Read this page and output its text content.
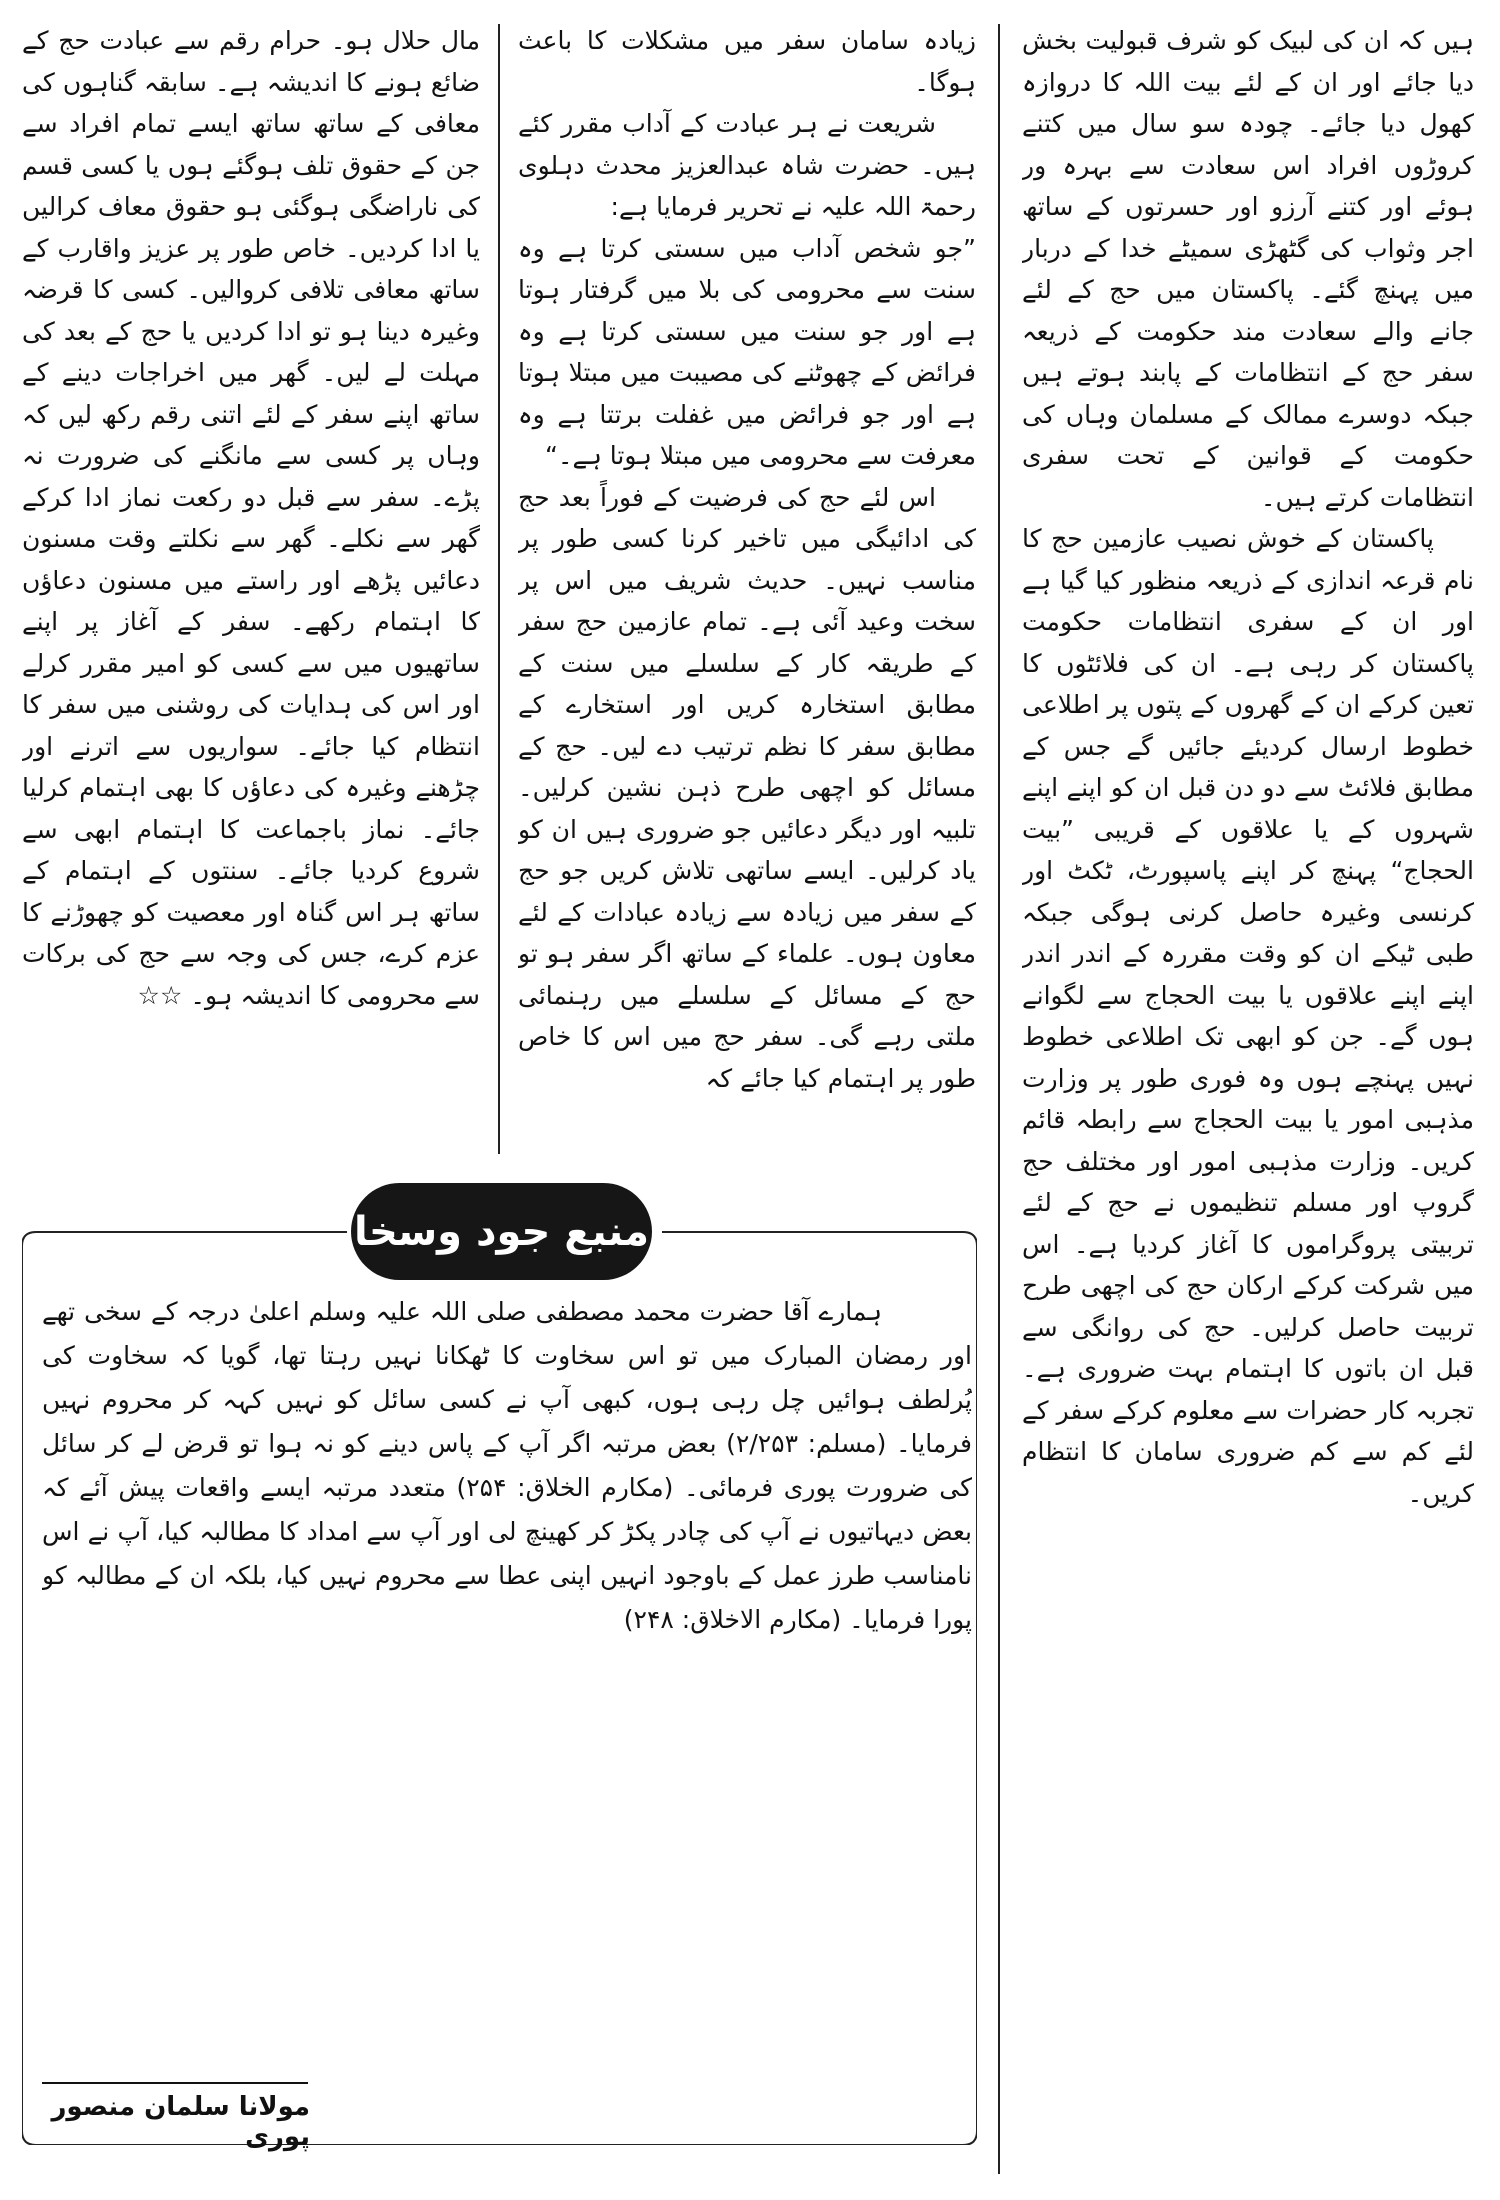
ہیں کہ ان کی لبیک کو شرف قبولیت بخش دیا جائے اور ان کے لئے بیت اللہ کا دروازہ کھول دیا جائے۔ چودہ سو سال میں کتنے کروڑوں افراد اس سعادت سے بہرہ ور ہوئے اور کتنے آرزو اور حسرتوں کے ساتھ اجر وثواب کی گٹھڑی سمیٹے خدا کے دربار میں پہنچ گئے۔ پاکستان میں حج کے لئے جانے والے سعادت مند حکومت کے ذریعہ سفر حج کے انتظامات کے پابند ہوتے ہیں جبکہ دوسرے ممالک کے مسلمان وہاں کی حکومت کے قوانین کے تحت سفری انتظامات کرتے ہیں۔

پاکستان کے خوش نصیب عازمین حج کا نام قرعہ اندازی کے ذریعہ منظور کیا گیا ہے اور ان کے سفری انتظامات حکومت پاکستان کر رہی ہے۔ ان کی فلائٹوں کا تعین کرکے ان کے گھروں کے پتوں پر اطلاعی خطوط ارسال کردیئے جائیں گے جس کے مطابق فلائٹ سے دو دن قبل ان کو اپنے اپنے شہروں کے یا علاقوں کے قریبی ”بیت الحجاج“ پہنچ کر اپنے پاسپورٹ، ٹکٹ اور کرنسی وغیرہ حاصل کرنی ہوگی جبکہ طبی ٹیکے ان کو وقت مقررہ کے اندر اندر اپنے اپنے علاقوں یا بیت الحجاج سے لگوانے ہوں گے۔ جن کو ابھی تک اطلاعی خطوط نہیں پہنچے ہوں وہ فوری طور پر وزارت مذہبی امور یا بیت الحجاج سے رابطہ قائم کریں۔ وزارت مذہبی امور اور مختلف حج گروپ اور مسلم تنظیموں نے حج کے لئے تربیتی پروگراموں کا آغاز کردیا ہے۔ اس میں شرکت کرکے ارکان حج کی اچھی طرح تربیت حاصل کرلیں۔ حج کی روانگی سے قبل ان باتوں کا اہتمام بہت ضروری ہے۔ تجربہ کار حضرات سے معلوم کرکے سفر کے لئے کم سے کم ضروری سامان کا انتظام کریں۔

زیادہ سامان سفر میں مشکلات کا باعث ہوگا۔

شریعت نے ہر عبادت کے آداب مقرر کئے ہیں۔ حضرت شاہ عبدالعزیز محدث دہلوی رحمۃ اللہ علیہ نے تحریر فرمایا ہے:

”جو شخص آداب میں سستی کرتا ہے وہ سنت سے محرومی کی بلا میں گرفتار ہوتا ہے اور جو سنت میں سستی کرتا ہے وہ فرائض کے چھوٹنے کی مصیبت میں مبتلا ہوتا ہے اور جو فرائض میں غفلت برتتا ہے وہ معرفت سے محرومی میں مبتلا ہوتا ہے۔“

اس لئے حج کی فرضیت کے فوراً بعد حج کی ادائیگی میں تاخیر کرنا کسی طور پر مناسب نہیں۔ حدیث شریف میں اس پر سخت وعید آئی ہے۔ تمام عازمین حج سفر کے طریقہ کار کے سلسلے میں سنت کے مطابق استخارہ کریں اور استخارے کے مطابق سفر کا نظم ترتیب دے لیں۔ حج کے مسائل کو اچھی طرح ذہن نشین کرلیں۔ تلبیہ اور دیگر دعائیں جو ضروری ہیں ان کو یاد کرلیں۔ ایسے ساتھی تلاش کریں جو حج کے سفر میں زیادہ سے زیادہ عبادات کے لئے معاون ہوں۔ علماء کے ساتھ اگر سفر ہو تو حج کے مسائل کے سلسلے میں رہنمائی ملتی رہے گی۔ سفر حج میں اس کا خاص طور پر اہتمام کیا جائے کہ

مال حلال ہو۔ حرام رقم سے عبادت حج کے ضائع ہونے کا اندیشہ ہے۔ سابقہ گناہوں کی معافی کے ساتھ ساتھ ایسے تمام افراد سے جن کے حقوق تلف ہوگئے ہوں یا کسی قسم کی ناراضگی ہوگئی ہو حقوق معاف کرالیں یا ادا کردیں۔ خاص طور پر عزیز واقارب کے ساتھ معافی تلافی کروالیں۔ کسی کا قرضہ وغیرہ دینا ہو تو ادا کردیں یا حج کے بعد کی مہلت لے لیں۔ گھر میں اخراجات دینے کے ساتھ اپنے سفر کے لئے اتنی رقم رکھ لیں کہ وہاں پر کسی سے مانگنے کی ضرورت نہ پڑے۔ سفر سے قبل دو رکعت نماز ادا کرکے گھر سے نکلے۔ گھر سے نکلتے وقت مسنون دعائیں پڑھے اور راستے میں مسنون دعاؤں کا اہتمام رکھے۔ سفر کے آغاز پر اپنے ساتھیوں میں سے کسی کو امیر مقرر کرلے اور اس کی ہدایات کی روشنی میں سفر کا انتظام کیا جائے۔ سواریوں سے اترنے اور چڑھنے وغیرہ کی دعاؤں کا بھی اہتمام کرلیا جائے۔ نماز باجماعت کا اہتمام ابھی سے شروع کردیا جائے۔ سنتوں کے اہتمام کے ساتھ ہر اس گناہ اور معصیت کو چھوڑنے کا عزم کرے، جس کی وجہ سے حج کی برکات سے محرومی کا اندیشہ ہو۔ ☆☆

منبع جود وسخا

ہمارے آقا حضرت محمد مصطفی صلی اللہ علیہ وسلم اعلیٰ درجہ کے سخی تھے اور رمضان المبارک میں تو اس سخاوت کا ٹھکانا نہیں رہتا تھا، گویا کہ سخاوت کی پُرلطف ہوائیں چل رہی ہوں، کبھی آپ نے کسی سائل کو نہیں کہہ کر محروم نہیں فرمایا۔ (مسلم: ۲/۲۵۳) بعض مرتبہ اگر آپ کے پاس دینے کو نہ ہوا تو قرض لے کر سائل کی ضرورت پوری فرمائی۔ (مکارم الخلاق: ۲۵۴) متعدد مرتبہ ایسے واقعات پیش آئے کہ بعض دیہاتیوں نے آپ کی چادر پکڑ کر کھینچ لی اور آپ سے امداد کا مطالبہ کیا، آپ نے اس نامناسب طرز عمل کے باوجود انہیں اپنی عطا سے محروم نہیں کیا، بلکہ ان کے مطالبہ کو پورا فرمایا۔ (مکارم الاخلاق: ۲۴۸)

مولانا سلمان منصور پوری
